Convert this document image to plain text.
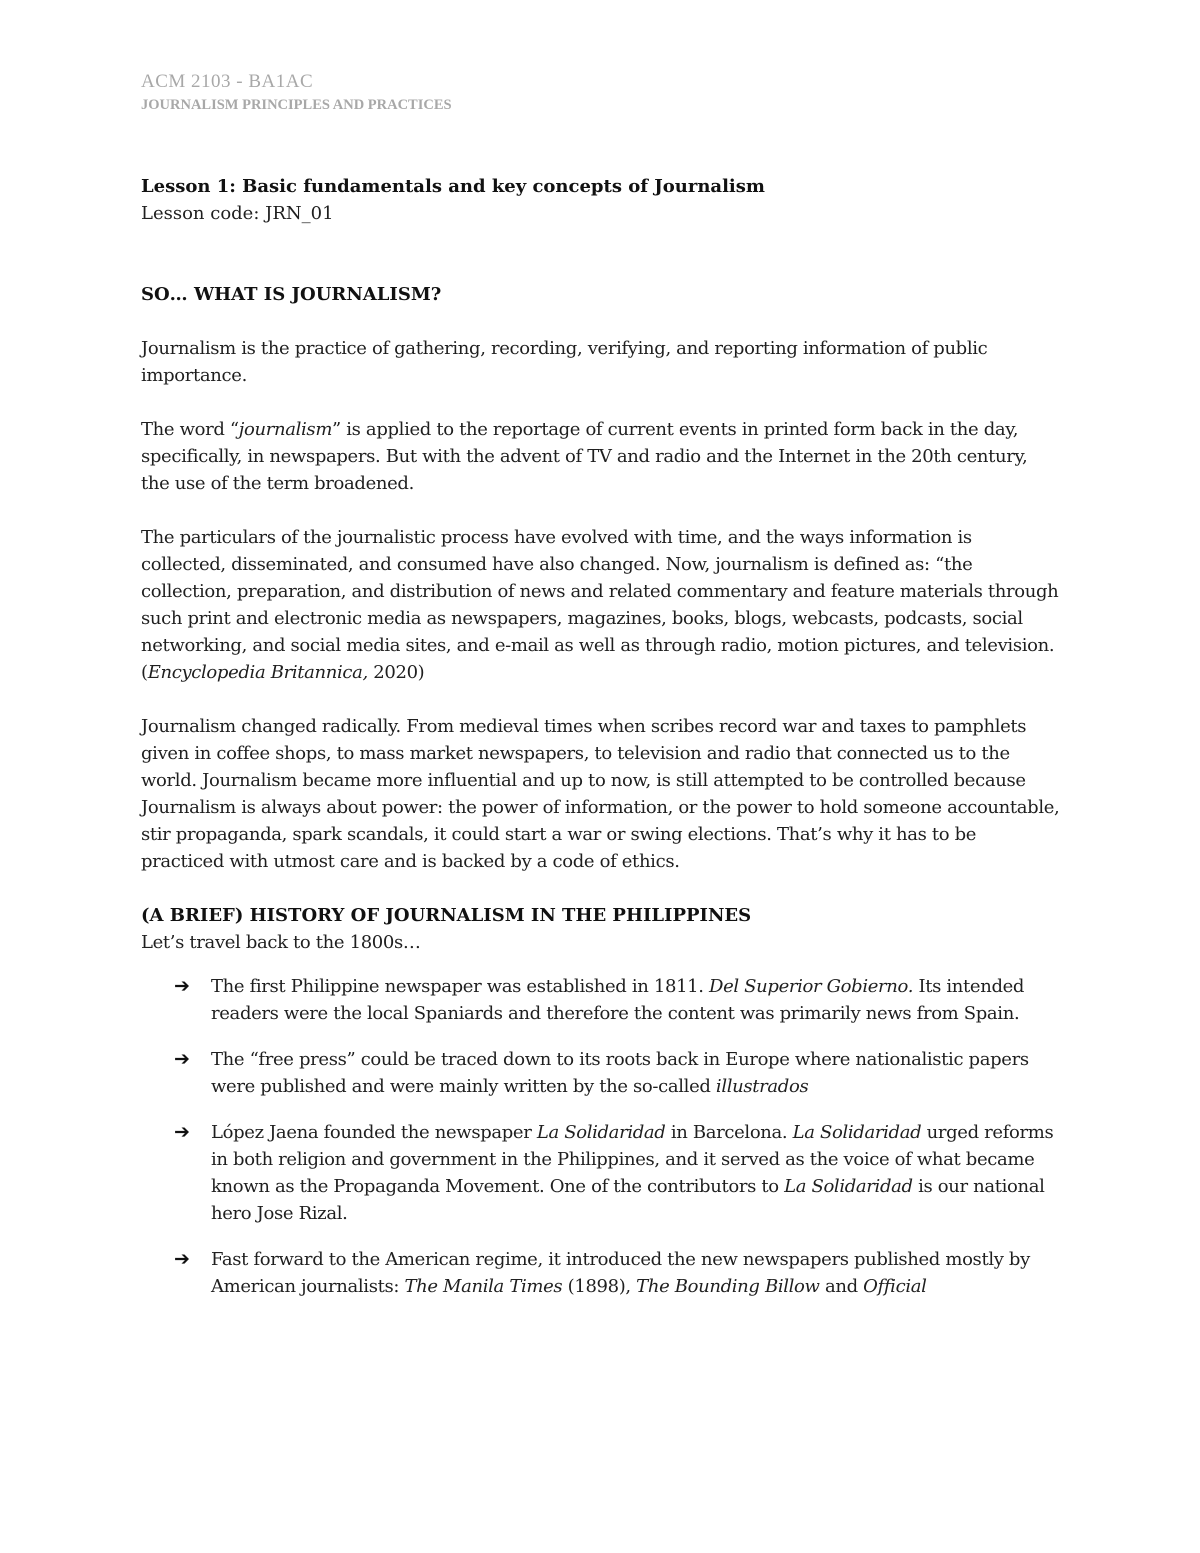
ACM 2103 - BA1AC

JOURNALISM PRINCIPLES AND PRACTICES

Lesson 1: Basic fundamentals and key concepts of Journalism

Lesson code: JRN_01

SO… WHAT IS JOURNALISM?

Journalism is the practice of gathering, recording, verifying, and reporting information of public importance.

The word “journalism” is applied to the reportage of current events in printed form back in the day, specifically, in newspapers. But with the advent of TV and radio and the Internet in the 20th century, the use of the term broadened.

The particulars of the journalistic process have evolved with time, and the ways information is collected, disseminated, and consumed have also changed. Now, journalism is defined as: “the collection, preparation, and distribution of news and related commentary and feature materials through such print and electronic media as newspapers, magazines, books, blogs, webcasts, podcasts, social networking, and social media sites, and e-mail as well as through radio, motion pictures, and television. (Encyclopedia Britannica, 2020)

Journalism changed radically. From medieval times when scribes record war and taxes to pamphlets given in coffee shops, to mass market newspapers, to television and radio that connected us to the world. Journalism became more influential and up to now, is still attempted to be controlled because Journalism is always about power: the power of information, or the power to hold someone accountable, stir propaganda, spark scandals, it could start a war or swing elections. That’s why it has to be practiced with utmost care and is backed by a code of ethics.

(A BRIEF) HISTORY OF JOURNALISM IN THE PHILIPPINES

Let’s travel back to the 1800s…

➔ The first Philippine newspaper was established in 1811. Del Superior Gobierno. Its intended readers were the local Spaniards and therefore the content was primarily news from Spain.
➔ The “free press” could be traced down to its roots back in Europe where nationalistic papers were published and were mainly written by the so-called illustrados
➔ López Jaena founded the newspaper La Solidaridad in Barcelona. La Solidaridad urged reforms in both religion and government in the Philippines, and it served as the voice of what became known as the Propaganda Movement. One of the contributors to La Solidaridad is our national hero Jose Rizal.
➔ Fast forward to the American regime, it introduced the new newspapers published mostly by American journalists: The Manila Times (1898), The Bounding Billow and Official
